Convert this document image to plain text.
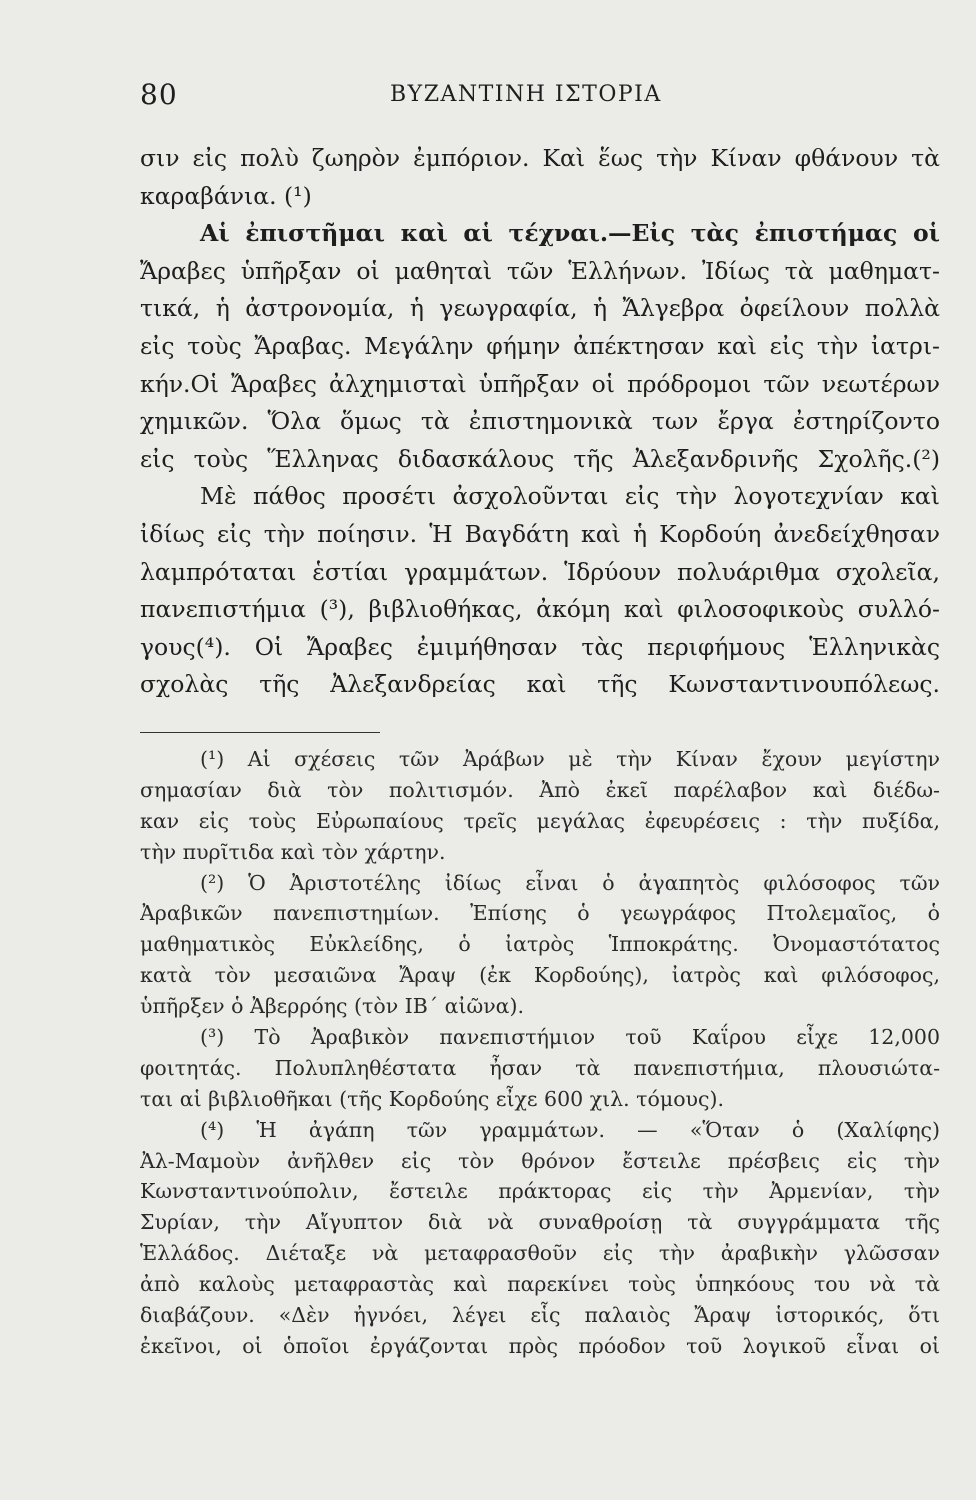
80	ΒΥΖΑΝΤΙΝΗ ΙΣΤΟΡΙΑ
σιν εἰς πολὺ ζωηρὸν ἐμπόριον. Καὶ ἕως τὴν Κίναν φθάνουν τὰ
καραβάνια. (¹)
Αἱ ἐπιστῆμαι καὶ αἱ τέχναι.—Εἰς τὰς ἐπιστήμας οἱ
Ἄραβες ὑπῆρξαν οἱ μαθηταὶ τῶν Ἑλλήνων. Ἰδίως τὰ μαθηματ-
τικά, ἡ ἀστρονομία, ἡ γεωγραφία, ἡ Ἄλγεβρα ὀφείλουν πολλὰ
εἰς τοὺς Ἄραβας. Μεγάλην φήμην ἀπέκτησαν καὶ εἰς τὴν ἰατρι-
κήν.Οἱ Ἄραβες ἀλχημισταὶ ὑπῆρξαν οἱ πρόδρομοι τῶν νεωτέρων
χημικῶν. Ὅλα ὅμως τὰ ἐπιστημονικὰ των ἔργα ἐστηρίζοντο
εἰς τοὺς Ἕλληνας διδασκάλους τῆς Ἀλεξανδρινῆς Σχολῆς.(²)
Μὲ πάθος προσέτι ἀσχολοῦνται εἰς τὴν λογοτεχνίαν καὶ
ἰδίως εἰς τὴν ποίησιν. Ἡ Βαγδάτη καὶ ἡ Κορδούη ἀνεδείχθησαν
λαμπρόταται ἑστίαι γραμμάτων. Ἱδρύουν πολυάριθμα σχολεῖα,
πανεπιστήμια (³), βιβλιοθήκας, ἀκόμη καὶ φιλοσοφικοὺς συλλό-
γους(⁴). Οἱ Ἄραβες ἐμιμήθησαν τὰς περιφήμους Ἑλληνικὰς
σχολὰς τῆς Ἀλεξανδρείας καὶ τῆς Κωνσταντινουπόλεως.
(¹) Αἱ σχέσεις τῶν Ἀράβων μὲ τὴν Κίναν ἔχουν μεγίστην
σημασίαν διὰ τὸν πολιτισμόν. Ἀπὸ ἐκεῖ παρέλαβον καὶ διέδω-
καν εἰς τοὺς Εὐρωπαίους τρεῖς μεγάλας ἐφευρέσεις : τὴν πυξίδα,
τὴν πυρῖτιδα καὶ τὸν χάρτην.
(²) Ὁ Ἀριστοτέλης ἰδίως εἶναι ὁ ἀγαπητὸς φιλόσοφος τῶν
Ἀραβικῶν πανεπιστημίων. Ἐπίσης ὁ γεωγράφος Πτολεμαῖος, ὁ
μαθηματικὸς Εὐκλείδης, ὁ ἰατρὸς Ἱπποκράτης. Ὀνομαστότατος
κατὰ τὸν μεσαιῶνα Ἄραψ (ἐκ Κορδούης), ἰατρὸς καὶ φιλόσοφος,
ὑπῆρξεν ὁ Ἀβερρόης (τὸν ΙΒ΄ αἰῶνα).
(³) Τὸ Ἀραβικὸν πανεπιστήμιον τοῦ Καΐρου εἶχε 12,000
φοιτητάς. Πολυπληθέστατα ἦσαν τὰ πανεπιστήμια, πλουσιώτα-
ται αἱ βιβλιοθῆκαι (τῆς Κορδούης εἶχε 600 χιλ. τόμους).
(⁴) Ἡ ἀγάπη τῶν γραμμάτων. — «Ὅταν ὁ (Χαλίφης)
Ἀλ-Μαμοὺν ἀνῆλθεν εἰς τὸν θρόνον ἔστειλε πρέσβεις εἰς τὴν
Κωνσταντινούπολιν, ἔστειλε πράκτορας εἰς τὴν Ἀρμενίαν, τὴν
Συρίαν, τὴν Αἴγυπτον διὰ νὰ συναθροίσῃ τὰ συγγράμματα τῆς
Ἑλλάδος. Διέταξε νὰ μεταφρασθοῦν εἰς τὴν ἀραβικὴν γλῶσσαν
ἀπὸ καλοὺς μεταφραστὰς καὶ παρεκίνει τοὺς ὑπηκόους του νὰ τὰ
διαβάζουν. «Δὲν ἠγνόει, λέγει εἷς παλαιὸς Ἄραψ ἱστορικός, ὅτι
ἐκεῖνοι, οἱ ὁποῖοι ἐργάζονται πρὸς πρόοδον τοῦ λογικοῦ εἶναι οἱ
